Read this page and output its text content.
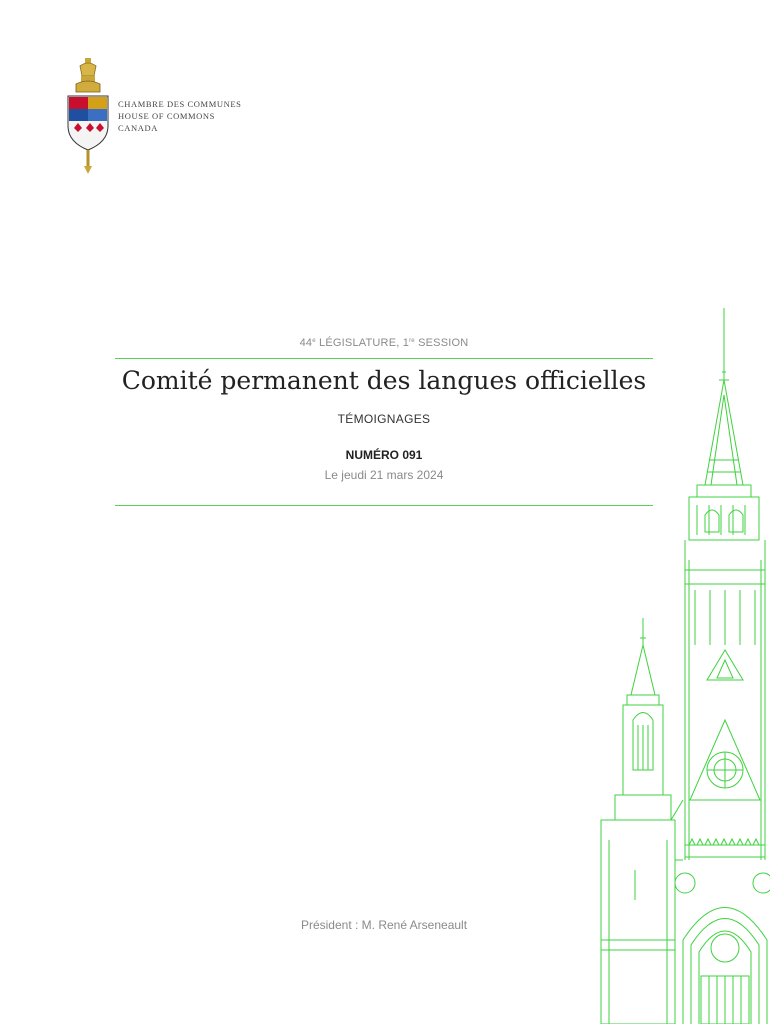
CHAMBRE DES COMMUNES
HOUSE OF COMMONS
CANADA
44e LÉGISLATURE, 1re SESSION
Comité permanent des langues officielles
TÉMOIGNAGES
NUMÉRO 091
Le jeudi 21 mars 2024
Président : M. René Arseneault
